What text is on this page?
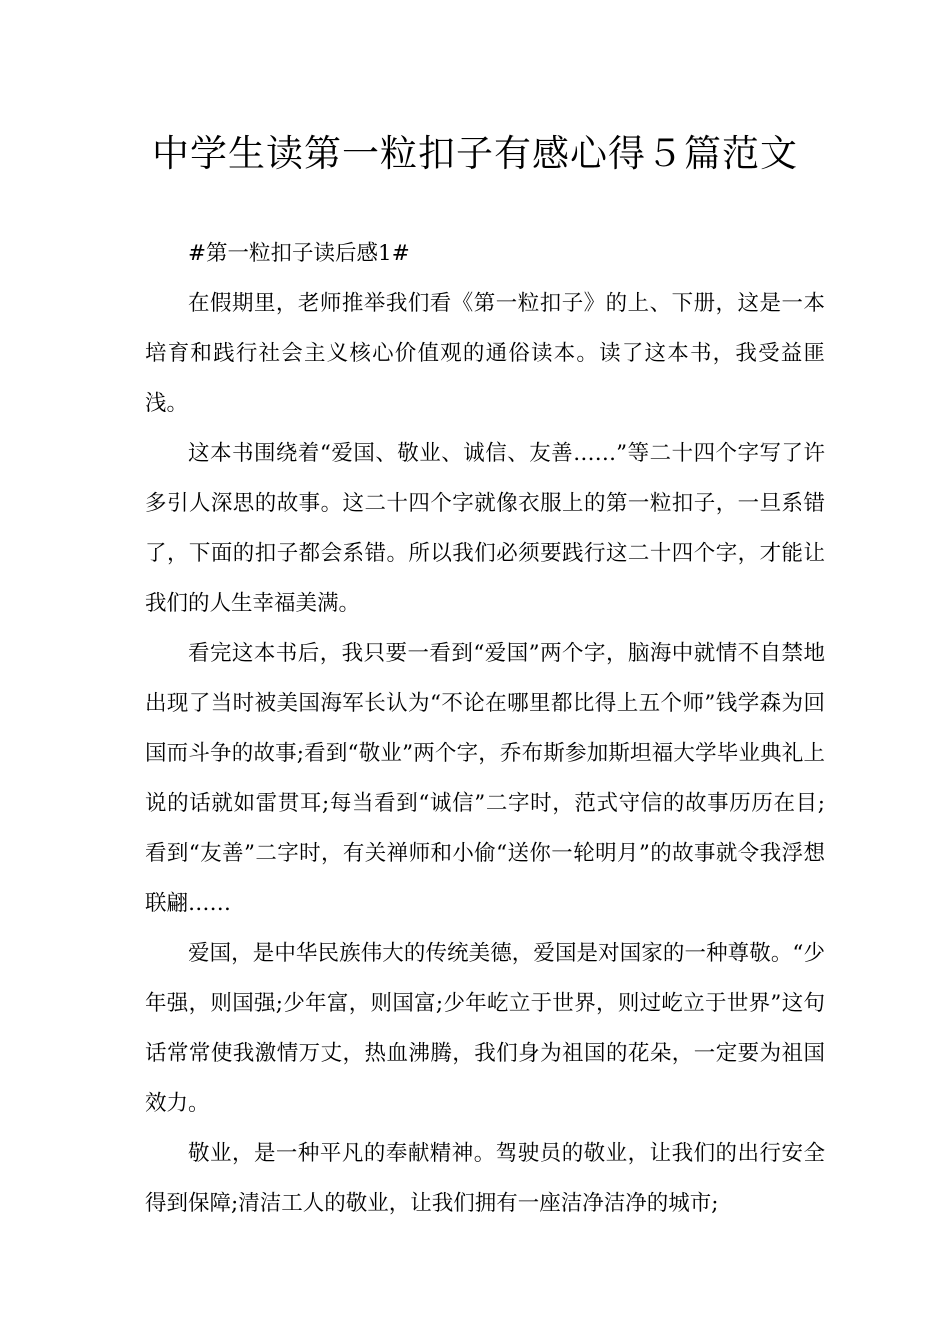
中学生读第一粒扣子有感心得５篇范文

#第一粒扣子读后感1#

在假期里，老师推举我们看《第一粒扣子》的上、下册，这是一本培育和践行社会主义核心价值观的通俗读本。读了这本书，我受益匪浅。

这本书围绕着“爱国、敬业、诚信、友善……”等二十四个字写了许多引人深思的故事。这二十四个字就像衣服上的第一粒扣子，一旦系错了，下面的扣子都会系错。所以我们必须要践行这二十四个字，才能让我们的人生幸福美满。

看完这本书后，我只要一看到“爱国”两个字，脑海中就情不自禁地出现了当时被美国海军长认为“不论在哪里都比得上五个师”钱学森为回国而斗争的故事;看到“敬业”两个字，乔布斯参加斯坦福大学毕业典礼上说的话就如雷贯耳;每当看到“诚信”二字时，范式守信的故事历历在目;看到“友善”二字时，有关禅师和小偷“送你一轮明月”的故事就令我浮想联翩……

爱国，是中华民族伟大的传统美德，爱国是对国家的一种尊敬。“少年强，则国强;少年富，则国富;少年屹立于世界，则过屹立于世界”这句话常常使我激情万丈，热血沸腾，我们身为祖国的花朵，一定要为祖国效力。

敬业，是一种平凡的奉献精神。驾驶员的敬业，让我们的出行安全得到保障;清洁工人的敬业，让我们拥有一座洁净洁净的城市;
